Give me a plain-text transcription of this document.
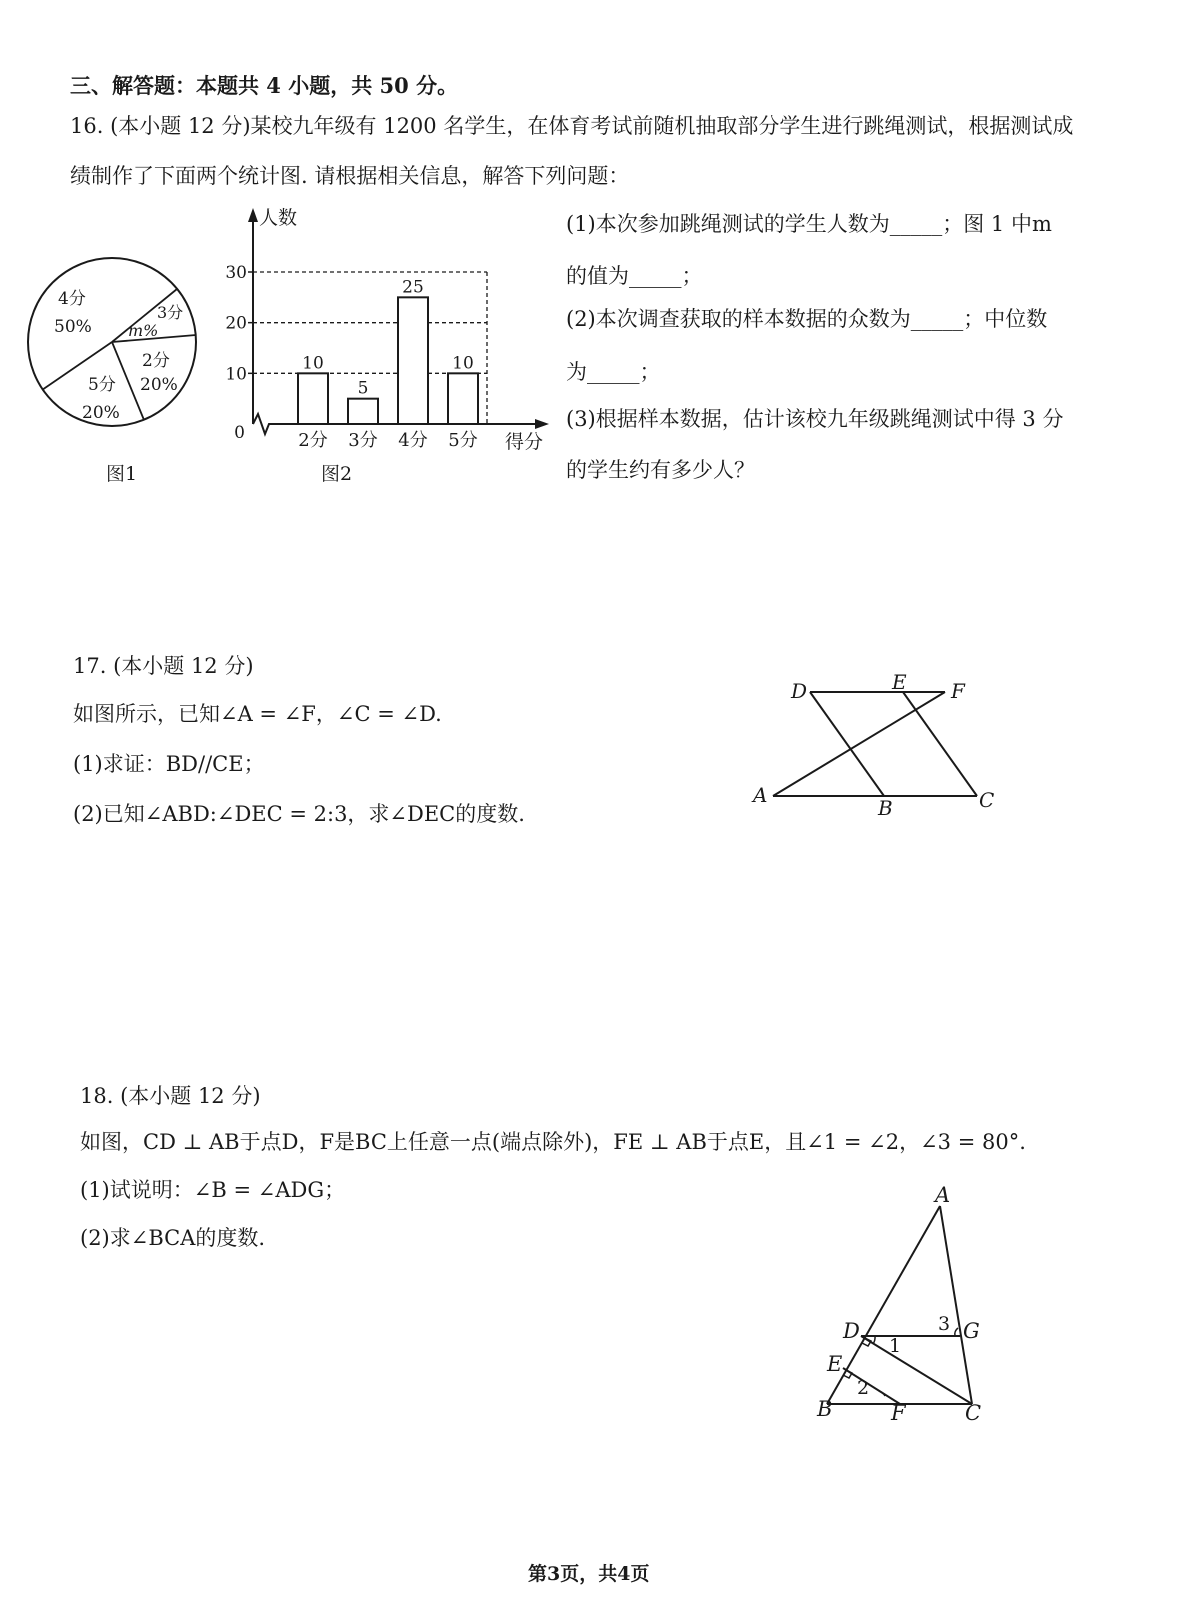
三、解答题：本题共 4 小题，共 50 分。
16. (本小题 12 分)某校九年级有 1200 名学生，在体育考试前随机抽取部分学生进行跳绳测试，根据测试成
绩制作了下面两个统计图. 请根据相关信息，解答下列问题：
(1)本次参加跳绳测试的学生人数为_____；图 1 中m
的值为_____；
(2)本次调查获取的样本数据的众数为_____；中位数
为_____；
(3)根据样本数据，估计该校九年级跳绳测试中得 3 分
的学生约有多少人？
4分
50%
3分
m%
2分
20%
5分
20%
图1
人数
得分
图2
0
10
20
30
10
2分
5
3分
25
4分
10
5分
17. (本小题 12 分)
如图所示，已知∠A = ∠F，∠C = ∠D.
(1)求证：BD//CE；
(2)已知∠ABD:∠DEC = 2:3，求∠DEC的度数.
D	E F
A
B	C
18. (本小题 12 分)
如图，CD ⊥ AB于点D，F是BC上任意一点(端点除外)，FE ⊥ AB于点E，且∠1 = ∠2，∠3 = 80°.
(1)试说明：∠B = ∠ADG；
(2)求∠BCA的度数.
A
D	G
E
B	F	C
1
2
3
第3页，共4页
